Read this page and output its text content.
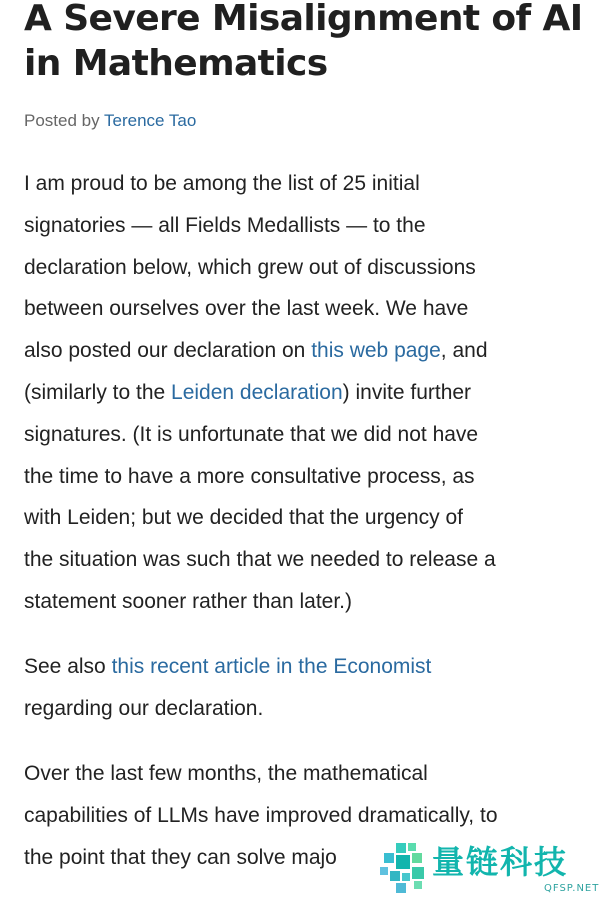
A Severe Misalignment of AI
in Mathematics
Posted by Terence Tao

I am proud to be among the list of 25 initial
signatories — all Fields Medallists — to the
declaration below, which grew out of discussions
between ourselves over the last week. We have
also posted our declaration on this web page, and
(similarly to the Leiden declaration) invite further
signatures. (It is unfortunate that we did not have
the time to have a more consultative process, as
with Leiden; but we decided that the urgency of
the situation was such that we needed to release a
statement sooner rather than later.)

See also this recent article in the Economist
regarding our declaration.

Over the last few months, the mathematical
capabilities of LLMs have improved dramatically, to
the point that they can solve majo	量链科技
QFSP.NET
